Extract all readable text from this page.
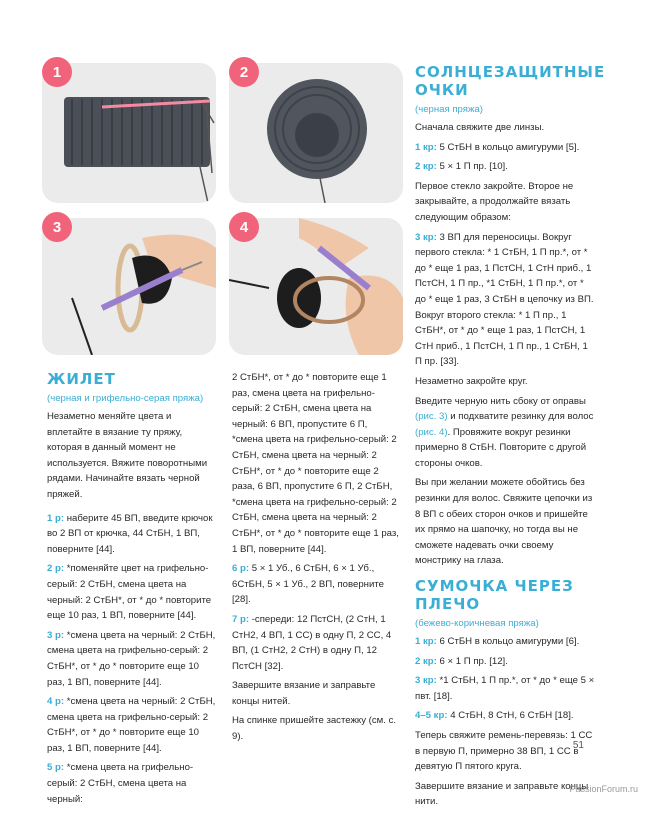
1	2
3	4

ЖИЛЕТ

(черная и грифельно-серая пряжа)

Незаметно меняйте цвета и вплетайте в вязание ту пряжу, которая в данный момент не используется. Вяжите поворотными рядами. Начинайте вязать черной пряжей.

1 р: наберите 45 ВП, введите крючок во 2 ВП от крючка, 44 СтБН, 1 ВП, поверните [44].

2 р: *поменяйте цвет на грифельно-серый: 2 СтБН, смена цвета на черный: 2 СтБН*, от * до * повторите еще 10 раз, 1 ВП, поверните [44].

3 р: *смена цвета на черный: 2 СтБН, смена цвета на грифельно-серый: 2 СтБН*, от * до * повторите еще 10 раз, 1 ВП, поверните [44].

4 р: *смена цвета на черный: 2 СтБН, смена цвета на грифельно-серый: 2 СтБН*, от * до * повторите еще 10 раз, 1 ВП, поверните [44].

5 р: *смена цвета на грифельно-серый: 2 СтБН, смена цвета на черный:

2 СтБН*, от * до * повторите еще 1 раз, смена цвета на грифельно-серый: 2 СтБН, смена цвета на черный: 6 ВП, пропустите 6 П, *смена цвета на грифельно-серый: 2 СтБН, смена цвета на черный: 2 СтБН*, от * до * повторите еще 2 раза, 6 ВП, пропустите 6 П, 2 СтБН, *смена цвета на грифельно-серый: 2 СтБН, смена цвета на черный: 2 СтБН*, от * до * повторите еще 1 раз, 1 ВП, поверните [44].

6 р: 5 × 1 Уб., 6 СтБН, 6 × 1 Уб., 6СтБН, 5 × 1 Уб., 2 ВП, поверните [28].

7 р: -спереди: 12 ПстСН, (2 СтН, 1 СтН2, 4 ВП, 1 СС) в одну П, 2 СС, 4 ВП, (1 СтН2, 2 СтН) в одну П, 12 ПстСН [32].

Завершите вязание и заправьте концы нитей.

На спинке пришейте застежку (см. с. 9).

СОЛНЦЕЗАЩИТНЫЕ ОЧКИ

(черная пряжа)

Сначала свяжите две линзы.

1 кр: 5 СтБН в кольцо амигуруми [5].

2 кр: 5 × 1 П пр. [10].

Первое стекло закройте. Второе не закрывайте, а продолжайте вязать следующим образом:

3 кр: 3 ВП для переносицы. Вокруг первого стекла: * 1 СтБН, 1 П пр.*, от * до * еще 1 раз, 1 ПстСН, 1 СтН приб., 1 ПстСН, 1 П пр., *1 СтБН, 1 П пр.*, от * до * еще 1 раз, 3 СтБН в цепочку из ВП. Вокруг второго стекла: * 1 П пр., 1 СтБН*, от * до * еще 1 раз, 1 ПстСН, 1 СтН приб., 1 ПстСН, 1 П пр., 1 СтБН, 1 П пр. [33].

Незаметно закройте круг.

Введите черную нить сбоку от оправы (рис. 3) и подхватите резинку для волос (рис. 4). Провяжите вокруг резинки примерно 8 СтБН. Повторите с другой стороны очков.

Вы при желании можете обойтись без резинки для волос. Свяжите цепочки из 8 ВП с обеих сторон очков и пришейте их прямо на шапочку, но тогда вы не сможете надевать очки своему монстрику на глаза.

СУМОЧКА ЧЕРЕЗ ПЛЕЧО

(бежево-коричневая пряжа)

1 кр: 6 СтБН в кольцо амигуруми [6].

2 кр: 6 × 1 П пр. [12].

3 кр: *1 СтБН, 1 П пр.*, от * до * еще 5 × пвт. [18].

4–5 кр: 4 СтБН, 8 СтН, 6 СтБН [18].

Теперь свяжите ремень-перевязь: 1 СС в первую П, примерно 38 ВП, 1 СС в девятую П пятого круга.

Завершите вязание и заправьте концы нити.

51
PassionForum.ru
